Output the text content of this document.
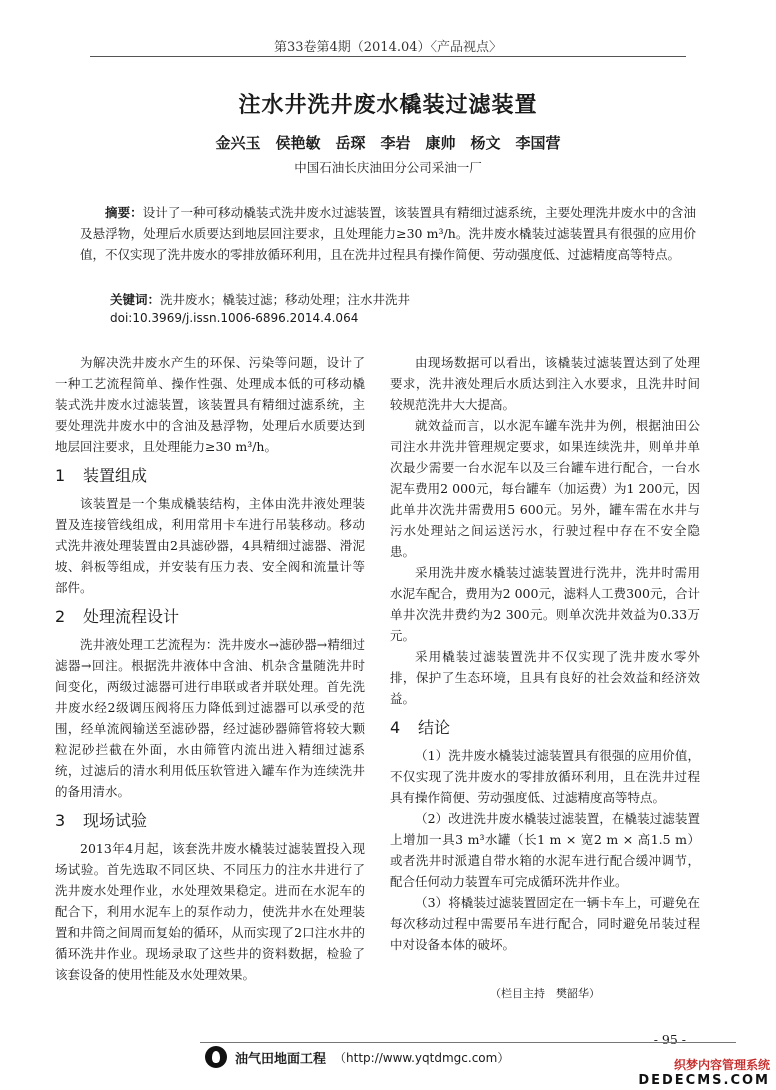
第33卷第4期（2014.04）〈产品视点〉
注水井洗井废水橇装过滤装置
金兴玉　侯艳敏　岳琛　李岩　康帅　杨文　李国营
中国石油长庆油田分公司采油一厂
摘要：设计了一种可移动橇装式洗井废水过滤装置，该装置具有精细过滤系统，主要处理洗井废水中的含油及悬浮物，处理后水质要达到地层回注要求，且处理能力≥30 m³/h。洗井废水橇装过滤装置具有很强的应用价值，不仅实现了洗井废水的零排放循环利用，且在洗井过程具有操作简便、劳动强度低、过滤精度高等特点。
关键词：洗井废水；橇装过滤；移动处理；注水井洗井
doi:10.3969/j.issn.1006-6896.2014.4.064

为解决洗井废水产生的环保、污染等问题，设计了一种工艺流程简单、操作性强、处理成本低的可移动橇装式洗井废水过滤装置，该装置具有精细过滤系统，主要处理洗井废水中的含油及悬浮物，处理后水质要达到地层回注要求，且处理能力≥30 m³/h。

1 装置组成

该装置是一个集成橇装结构，主体由洗井液处理装置及连接管线组成，利用常用卡车进行吊装移动。移动式洗井液处理装置由2具滤砂器，4具精细过滤器、滑泥坡、斜板等组成，并安装有压力表、安全阀和流量计等部件。

2 处理流程设计

洗井液处理工艺流程为：洗井废水→滤砂器→精细过滤器→回注。根据洗井液体中含油、机杂含量随洗井时间变化，两级过滤器可进行串联或者并联处理。首先洗井废水经2级调压阀将压力降低到过滤器可以承受的范围，经单流阀输送至滤砂器，经过滤砂器筛管将较大颗粒泥砂拦截在外面，水由筛管内流出进入精细过滤系统，过滤后的清水利用低压软管进入罐车作为连续洗井的备用清水。

3 现场试验

2013年4月起，该套洗井废水橇装过滤装置投入现场试验。首先选取不同区块、不同压力的注水井进行了洗井废水处理作业，水处理效果稳定。进而在水泥车的配合下，利用水泥车上的泵作动力，使洗井水在处理装置和井筒之间周而复始的循环，从而实现了2口注水井的循环洗井作业。现场录取了这些井的资料数据，检验了该套设备的使用性能及水处理效果。

由现场数据可以看出，该橇装过滤装置达到了处理要求，洗井液处理后水质达到注入水要求，且洗井时间较规范洗井大大提高。

就效益而言，以水泥车罐车洗井为例，根据油田公司注水井洗井管理规定要求，如果连续洗井，则单井单次最少需要一台水泥车以及三台罐车进行配合，一台水泥车费用2 000元，每台罐车（加运费）为1 200元，因此单井次洗井需费用5 600元。另外，罐车需在水井与污水处理站之间运送污水，行驶过程中存在不安全隐患。

采用洗井废水橇装过滤装置进行洗井，洗井时需用水泥车配合，费用为2 000元，滤料人工费300元，合计单井次洗井费约为2 300元。则单次洗井效益为0.33万元。

采用橇装过滤装置洗井不仅实现了洗井废水零外排，保护了生态环境，且具有良好的社会效益和经济效益。

4 结论

（1）洗井废水橇装过滤装置具有很强的应用价值，不仅实现了洗井废水的零排放循环利用，且在洗井过程具有操作简便、劳动强度低、过滤精度高等特点。

（2）改进洗井废水橇装过滤装置，在橇装过滤装置上增加一具3 m³水罐（长1 m × 宽2 m × 高1.5 m）或者洗井时派遣自带水箱的水泥车进行配合缓冲调节，配合任何动力装置车可完成循环洗井作业。

（3）将橇装过滤装置固定在一辆卡车上，可避免在每次移动过程中需要吊车进行配合，同时避免吊装过程中对设备本体的破坏。

（栏目主持　樊韶华）
- 95 -
油气田地面工程 （http://www.yqtdmgc.com）
织梦内容管理系统
DEDECMS.COM
